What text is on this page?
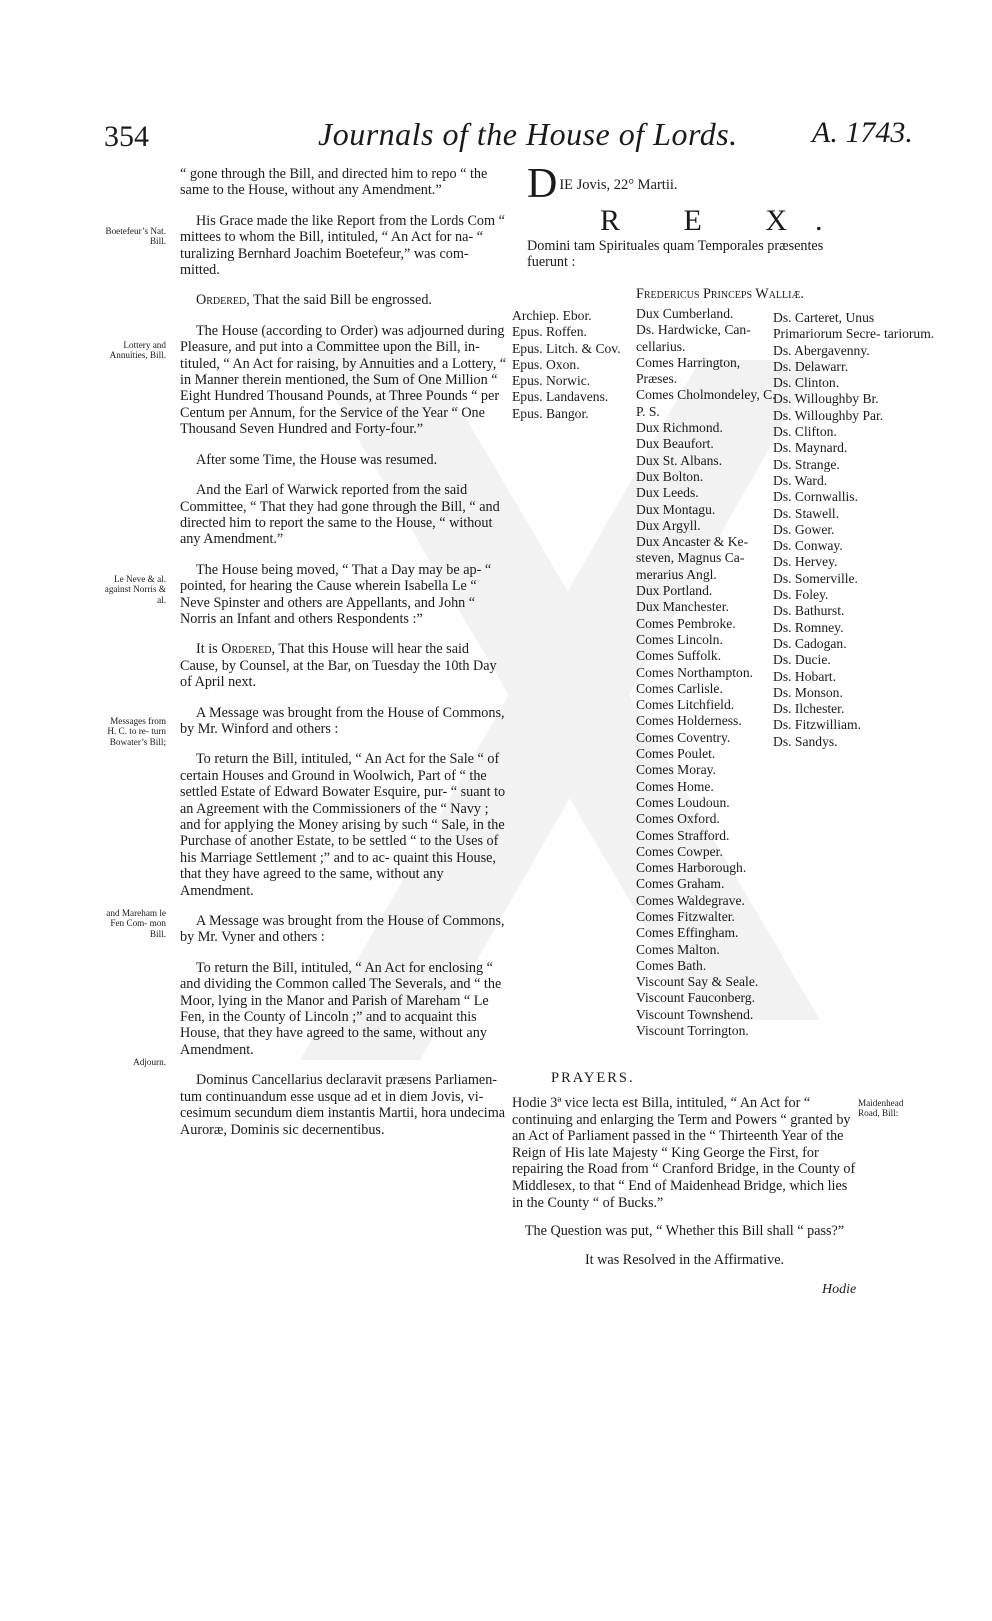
354	Journals of the House of Lords. A. 1743.

“ gone through the Bill, and directed him to repo “ the same to the House, without any Amendment.”

His Grace made the like Report from the Lords Com “ mittees to whom the Bill, intituled, “ An Act for na- “ turalizing Bernhard Joachim Boetefeur,” was com- mitted.

Ordered, That the said Bill be engrossed.

The House (according to Order) was adjourned during Pleasure, and put into a Committee upon the Bill, in- tituled, “ An Act for raising, by Annuities and a Lottery, “ in Manner therein mentioned, the Sum of One Million “ Eight Hundred Thousand Pounds, at Three Pounds “ per Centum per Annum, for the Service of the Year “ One Thousand Seven Hundred and Forty-four.”

After some Time, the House was resumed.

And the Earl of Warwick reported from the said Committee, “ That they had gone through the Bill, “ and directed him to report the same to the House, “ without any Amendment.”

The House being moved, “ That a Day may be ap- “ pointed, for hearing the Cause wherein Isabella Le “ Neve Spinster and others are Appellants, and John “ Norris an Infant and others Respondents :”

It is Ordered, That this House will hear the said Cause, by Counsel, at the Bar, on Tuesday the 10th Day of April next.

A Message was brought from the House of Commons, by Mr. Winford and others :

To return the Bill, intituled, “ An Act for the Sale “ of certain Houses and Ground in Woolwich, Part of “ the settled Estate of Edward Bowater Esquire, pur- “ suant to an Agreement with the Commissioners of the “ Navy ; and for applying the Money arising by such “ Sale, in the Purchase of another Estate, to be settled “ to the Uses of his Marriage Settlement ;” and to ac- quaint this House, that they have agreed to the same, without any Amendment.

A Message was brought from the House of Commons, by Mr. Vyner and others :

To return the Bill, intituled, “ An Act for enclosing “ and dividing the Common called The Severals, and “ the Moor, lying in the Manor and Parish of Mareham “ Le Fen, in the County of Lincoln ;” and to acquaint this House, that they have agreed to the same, without any Amendment.

Dominus Cancellarius declaravit præsens Parliamen- tum continuandum esse usque ad et in diem Jovis, vi- cesimum secundum diem instantis Martii, hora undecima Auroræ, Dominis sic decernentibus.

Boetefeur’s Nat. Bill.
Lottery and Annuities, Bill.
Le Neve & al. against Norris & al.
Messages from H. C. to re- turn Bowater’s Bill;
and Mareham le Fen Com- mon Bill.
Adjourn.
Maidenhead Road, Bill:
DIE Jovis, 22° Martii.
R E X.
Domini tam Spirituales quam Temporales præsentes fuerunt :
Fredericus Princeps Walliæ.
Archiep. Ebor.
Epus. Roffen.
Epus. Litch. & Cov.
Epus. Oxon.
Epus. Norwic.
Epus. Landavens.
Epus. Bangor.
Dux Cumberland.
Ds. Hardwicke, Can- cellarius.
Comes Harrington, Præses.
Comes Cholmondeley, C. P. S.
Dux Richmond.
Dux Beaufort.
Dux St. Albans.
Dux Bolton.
Dux Leeds.
Dux Montagu.
Dux Argyll.
Dux Ancaster & Ke- steven, Magnus Ca- merarius Angl.
Dux Portland.
Dux Manchester.
Comes Pembroke.
Comes Lincoln.
Comes Suffolk.
Comes Northampton.
Comes Carlisle.
Comes Litchfield.
Comes Holderness.
Comes Coventry.
Comes Poulet.
Comes Moray.
Comes Home.
Comes Loudoun.
Comes Oxford.
Comes Strafford.
Comes Cowper.
Comes Harborough.
Comes Graham.
Comes Waldegrave.
Comes Fitzwalter.
Comes Effingham.
Comes Malton.
Comes Bath.
Viscount Say & Seale.
Viscount Fauconberg.
Viscount Townshend.
Viscount Torrington.
Ds. Carteret, Unus Primariorum Secre- tariorum.
Ds. Abergavenny.
Ds. Delawarr.
Ds. Clinton.
Ds. Willoughby Br.
Ds. Willoughby Par.
Ds. Clifton.
Ds. Maynard.
Ds. Strange.
Ds. Ward.
Ds. Cornwallis.
Ds. Stawell.
Ds. Gower.
Ds. Conway.
Ds. Hervey.
Ds. Somerville.
Ds. Foley.
Ds. Bathurst.
Ds. Romney.
Ds. Cadogan.
Ds. Ducie.
Ds. Hobart.
Ds. Monson.
Ds. Ilchester.
Ds. Fitzwilliam.
Ds. Sandys.
PRAYERS.

Hodie 3ª vice lecta est Billa, intituled, “ An Act for “ continuing and enlarging the Term and Powers “ granted by an Act of Parliament passed in the “ Thirteenth Year of the Reign of His late Majesty “ King George the First, for repairing the Road from “ Cranford Bridge, in the County of Middlesex, to that “ End of Maidenhead Bridge, which lies in the County “ of Bucks.”

The Question was put, “ Whether this Bill shall “ pass?”

It was Resolved in the Affirmative.

Hodie
